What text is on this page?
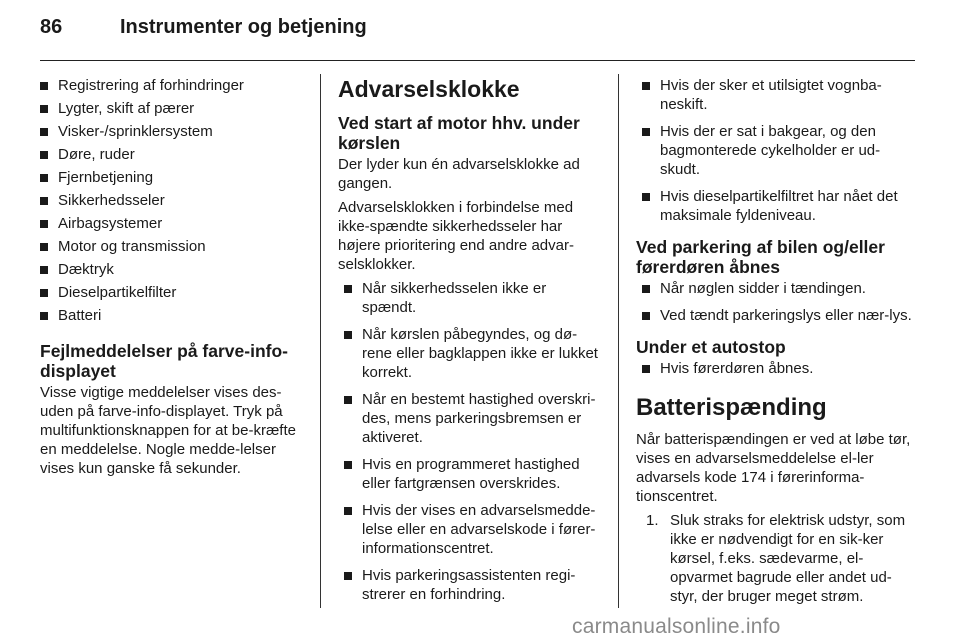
86	Instrumenter og betjening
Registrering af forhindringer
Lygter, skift af pærer
Visker-/sprinklersystem
Døre, ruder
Fjernbetjening
Sikkerhedsseler
Airbagsystemer
Motor og transmission
Dæktryk
Dieselpartikelfilter
Batteri
Fejlmeddelelser på farve-info-displayet

Visse vigtige meddelelser vises des-uden på farve-info-displayet. Tryk på multifunktionsknappen for at be-kræfte en meddelelse. Nogle medde-lelser vises kun ganske få sekunder.

Advarselsklokke
Ved start af motor hhv. under kørslen

Der lyder kun én advarselsklokke ad gangen.

Advarselsklokken i forbindelse med ikke-spændte sikkerhedsseler har højere prioritering end andre advar-selsklokker.

Når sikkerhedsselen ikke er spændt.
Når kørslen påbegyndes, og dø-rene eller bagklappen ikke er lukket korrekt.
Når en bestemt hastighed overskri-des, mens parkeringsbremsen er aktiveret.
Hvis en programmeret hastighed eller fartgrænsen overskrides.
Hvis der vises en advarselsmedde-lelse eller en advarselskode i fører-informationscentret.
Hvis parkeringsassistenten regi-strerer en forhindring.
Hvis der sker et utilsigtet vognba-neskift.
Hvis der er sat i bakgear, og den bagmonterede cykelholder er ud-skudt.
Hvis dieselpartikelfiltret har nået det maksimale fyldeniveau.
Ved parkering af bilen og/eller førerdøren åbnes
Når nøglen sidder i tændingen.
Ved tændt parkeringslys eller nær-lys.
Under et autostop
Hvis førerdøren åbnes.
Batterispænding

Når batterispændingen er ved at løbe tør, vises en advarselsmeddelelse el-ler advarsels kode 174 i førerinforma-tionscentret.

1. Sluk straks for elektrisk udstyr, som ikke er nødvendigt for en sik-ker kørsel, f.eks. sædevarme, el-opvarmet bagrude eller andet ud-styr, der bruger meget strøm.
carmanualsonline.info
